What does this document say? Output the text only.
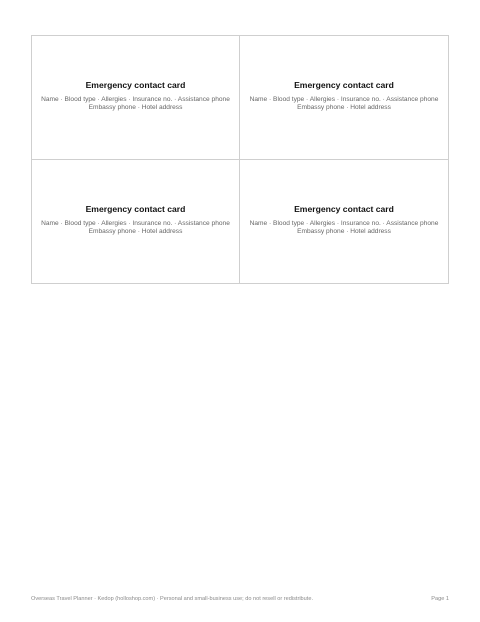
Emergency contact card
Name · Blood type · Allergies · Insurance no. · Assistance phone
Embassy phone · Hotel address
Emergency contact card
Name · Blood type · Allergies · Insurance no. · Assistance phone
Embassy phone · Hotel address
Emergency contact card
Name · Blood type · Allergies · Insurance no. · Assistance phone
Embassy phone · Hotel address
Emergency contact card
Name · Blood type · Allergies · Insurance no. · Assistance phone
Embassy phone · Hotel address
Overseas Travel Planner · Kedop (holloshop.com) · Personal and small-business use; do not resell or redistribute.	Page 1
